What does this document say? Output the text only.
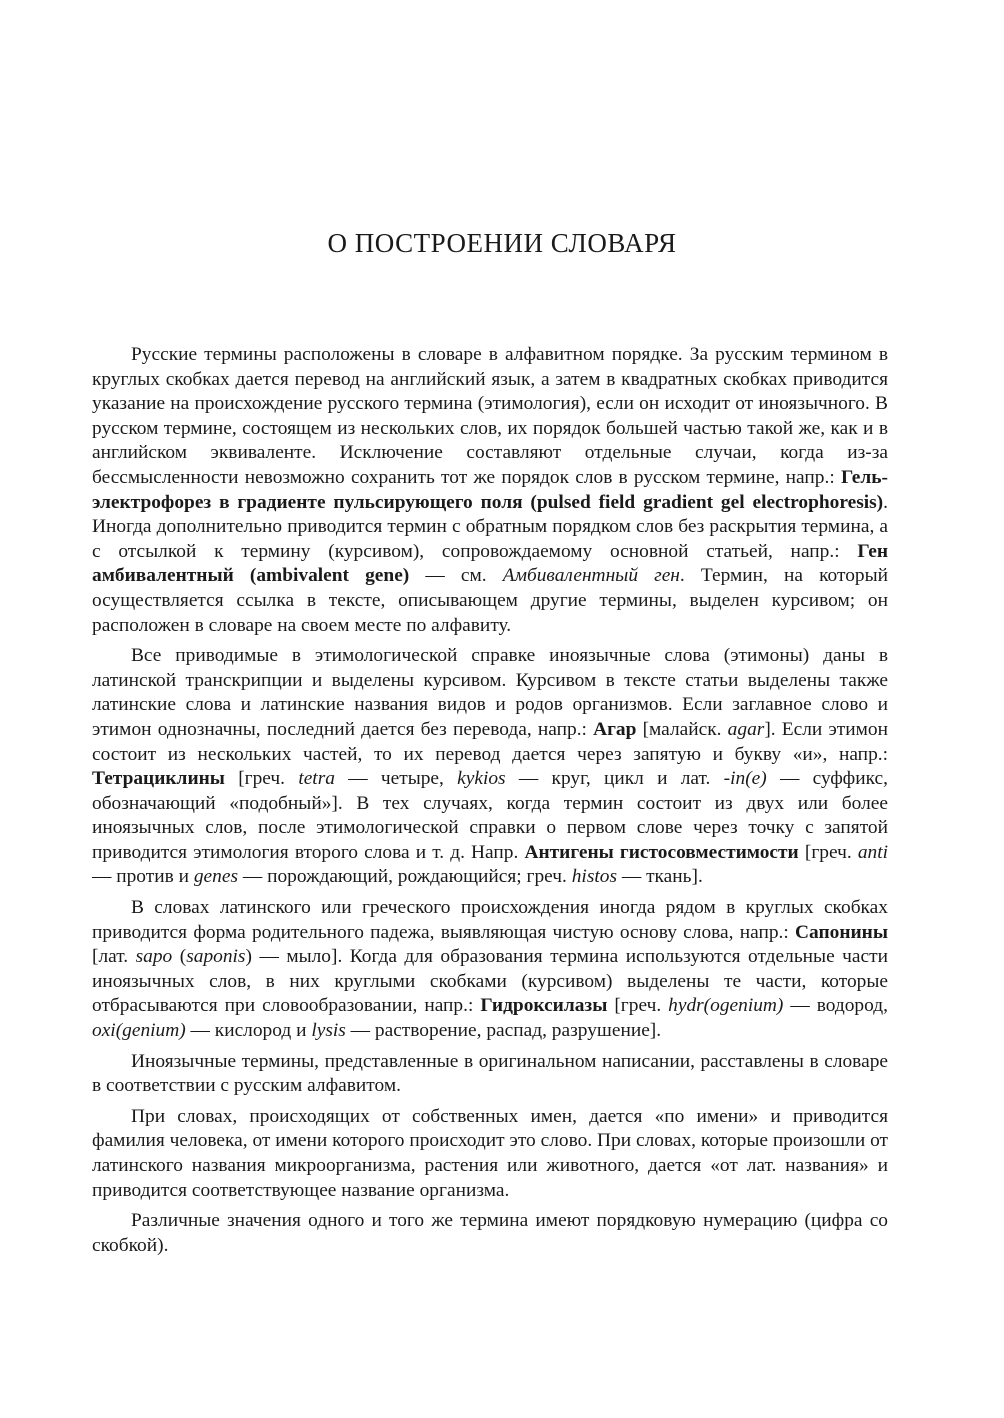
О ПОСТРОЕНИИ СЛОВАРЯ

Русские термины расположены в словаре в алфавитном порядке. За русским термином в круглых скобках дается перевод на английский язык, а затем в квадратных скобках приводится указание на происхождение русского термина (этимология), если он исходит от иноязычного. В русском термине, состоящем из нескольких слов, их порядок большей частью такой же, как и в английском эквиваленте. Исключение составляют отдельные случаи, когда из-за бессмысленности невозможно сохранить тот же порядок слов в русском термине, напр.: Гель-электрофорез в градиенте пульсирующего поля (pulsed field gradient gel electrophoresis). Иногда дополнительно приводится термин с обратным порядком слов без раскрытия термина, а с отсылкой к термину (курсивом), сопровождаемому основной статьей, напр.: Ген амбивалентный (ambivalent gene) — см. Амбивалентный ген. Термин, на который осуществляется ссылка в тексте, описывающем другие термины, выделен курсивом; он расположен в словаре на своем месте по алфавиту.

Все приводимые в этимологической справке иноязычные слова (этимоны) даны в латинской транскрипции и выделены курсивом. Курсивом в тексте статьи выделены также латинские слова и латинские названия видов и родов организмов. Если заглавное слово и этимон однозначны, последний дается без перевода, напр.: Агар [малайск. agar]. Если этимон состоит из нескольких частей, то их перевод дается через запятую и букву «и», напр.: Тетрациклины [греч. tetra — четыре, kykios — круг, цикл и лат. -in(e) — суффикс, обозначающий «подобный»]. В тех случаях, когда термин состоит из двух или более иноязычных слов, после этимологической справки о первом слове через точку с запятой приводится этимология второго слова и т. д. Напр. Антигены гистосовместимости [греч. anti — против и genes — порождающий, рождающийся; греч. histos — ткань].

В словах латинского или греческого происхождения иногда рядом в круглых скобках приводится форма родительного падежа, выявляющая чистую основу слова, напр.: Сапонины [лат. sapo (saponis) — мыло]. Когда для образования термина используются отдельные части иноязычных слов, в них круглыми скобками (курсивом) выделены те части, которые отбрасываются при словообразовании, напр.: Гидроксилазы [греч. hydr(ogenium) — водород, oxi(genium) — кислород и lysis — растворение, распад, разрушение].

Иноязычные термины, представленные в оригинальном написании, расставлены в словаре в соответствии с русским алфавитом.

При словах, происходящих от собственных имен, дается «по имени» и приводится фамилия человека, от имени которого происходит это слово. При словах, которые произошли от латинского названия микроорганизма, растения или животного, дается «от лат. названия» и приводится соответствующее название организма.

Различные значения одного и того же термина имеют порядковую нумерацию (цифра со скобкой).
